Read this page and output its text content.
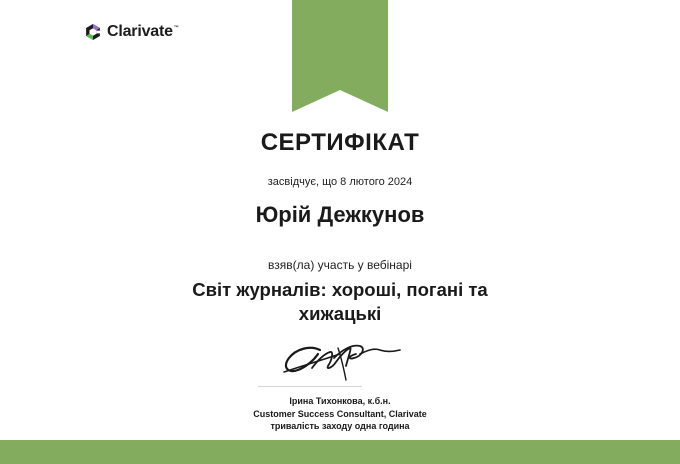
Clarivate™
СЕРТИФІКАТ
засвідчує, що 8 лютого 2024
Юрій Дежкунов
взяв(ла) участь у вебінарі
Світ журналів: хороші, погані та хижацькі
Ірина Тихонкова, к.б.н.
Customer Success Consultant, Clarivate
тривалість заходу одна година
